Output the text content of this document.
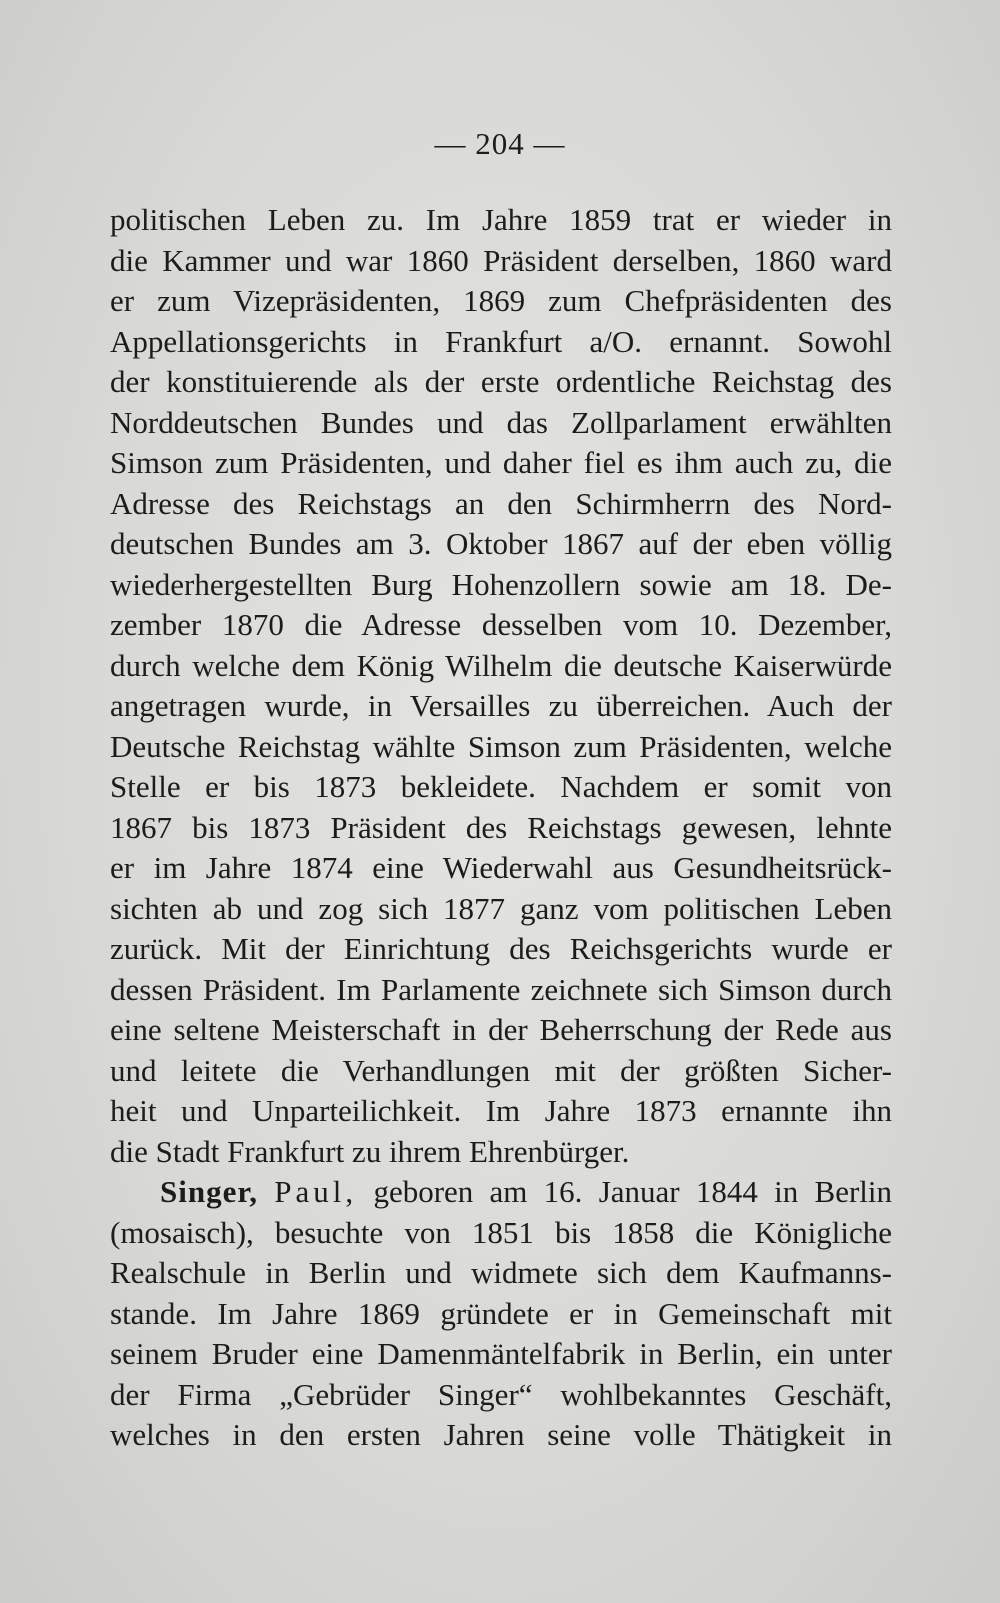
— 204 —
politischen Leben zu. Im Jahre 1859 trat er wieder in
die Kammer und war 1860 Präsident derselben, 1860 ward
er zum Vizepräsidenten, 1869 zum Chefpräsidenten des
Appellationsgerichts in Frankfurt a/O. ernannt. Sowohl
der konstituierende als der erste ordentliche Reichstag des
Norddeutschen Bundes und das Zollparlament erwählten
Simson zum Präsidenten, und daher fiel es ihm auch zu, die
Adresse des Reichstags an den Schirmherrn des Nord-
deutschen Bundes am 3. Oktober 1867 auf der eben völlig
wiederhergestellten Burg Hohenzollern sowie am 18. De-
zember 1870 die Adresse desselben vom 10. Dezember,
durch welche dem König Wilhelm die deutsche Kaiserwürde
angetragen wurde, in Versailles zu überreichen. Auch der
Deutsche Reichstag wählte Simson zum Präsidenten, welche
Stelle er bis 1873 bekleidete. Nachdem er somit von
1867 bis 1873 Präsident des Reichstags gewesen, lehnte
er im Jahre 1874 eine Wiederwahl aus Gesundheitsrück-
sichten ab und zog sich 1877 ganz vom politischen Leben
zurück. Mit der Einrichtung des Reichsgerichts wurde er
dessen Präsident. Im Parlamente zeichnete sich Simson durch
eine seltene Meisterschaft in der Beherrschung der Rede aus
und leitete die Verhandlungen mit der größten Sicher-
heit und Unparteilichkeit. Im Jahre 1873 ernannte ihn
die Stadt Frankfurt zu ihrem Ehrenbürger.
Singer, Paul, geboren am 16. Januar 1844 in Berlin
(mosaisch), besuchte von 1851 bis 1858 die Königliche
Realschule in Berlin und widmete sich dem Kaufmanns-
stande. Im Jahre 1869 gründete er in Gemeinschaft mit
seinem Bruder eine Damenmäntelfabrik in Berlin, ein unter
der Firma „Gebrüder Singer“ wohlbekanntes Geschäft,
welches in den ersten Jahren seine volle Thätigkeit in
